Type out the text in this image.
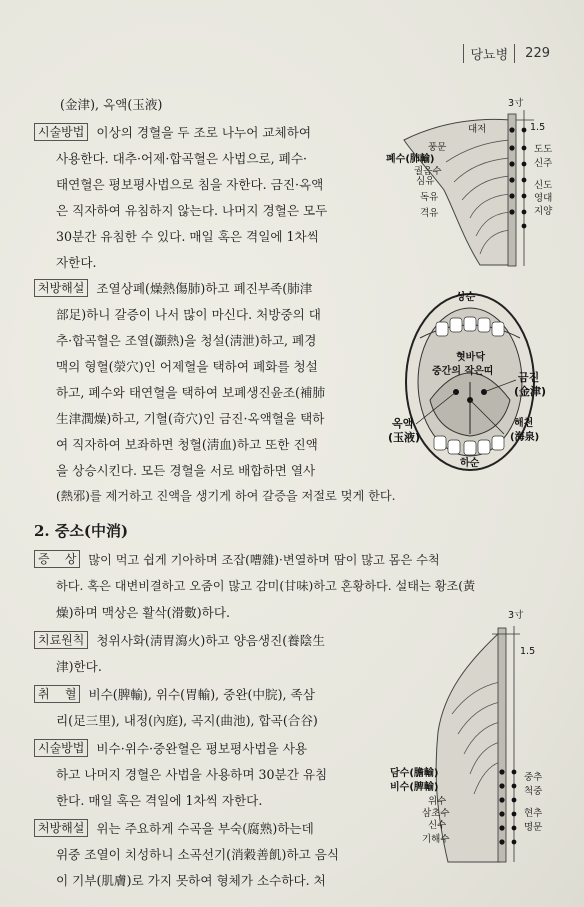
당뇨병	229
(金津), 옥액(玉液)
시술방법 이상의 경혈을 두 조로 나누어 교체하여
사용한다. 대추·어제·합곡혈은 사법으로, 폐수·
태연혈은 평보평사법으로 침을 자한다. 금진·옥액
은 직자하여 유침하지 않는다. 나머지 경혈은 모두
30분간 유침한 수 있다. 매일 혹은 격일에 1차씩
자한다.
처방해설 조열상폐(燥熱傷肺)하고 폐진부족(肺津
部足)하니 갈증이 나서 많이 마신다. 처방중의 대
추·합곡혈은 조열(灝熱)을 청설(淸泄)하고, 폐경
맥의 형혈(滎穴)인 어제혈을 택하여 폐화를 청설
하고, 폐수와 태연혈을 택하여 보폐생진윤조(補肺
生津潤燥)하고, 기혈(奇穴)인 금진·옥액혈을 택하
여 직자하여 보좌하면 청혈(淸血)하고 또한 진액
을 상승시킨다. 모든 경혈을 서로 배합하면 열사
(熱邪)를 제거하고 진액을 생기게 하여 갈증을 저절로 멎게 한다.
2. 중소(中消)
증    상 많이 먹고 쉽게 기아하며 조잡(嘈雜)·변열하며 땀이 많고 몸은 수척
하다. 혹은 대변비결하고 오줌이 많고 감미(甘味)하고 혼황하다. 설태는 황조(黃
燥)하며 맥상은 활삭(滑數)하다.
치료원칙 청위사화(淸胃瀉火)하고 양음생진(養陰生
津)한다.
취    혈 비수(脾輸), 위수(胃輸), 중완(中脘), 족삼
리(足三里), 내정(內庭), 곡지(曲池), 합곡(合谷)
시술방법 비수·위수·중완혈은 평보평사법을 사용
하고 나머지 경혈은 사법을 사용하며 30분간 유침
한다. 매일 혹은 격일에 1차씩 자한다.
처방해설 위는 주요하게 수곡을 부숙(腐熟)하는데
위중 조열이 치성하니 소곡선기(消穀善飢)하고 음식
이 기부(肌膚)로 가지 못하여 형체가 소수하다. 처
3寸
1.5
대저
풍문
폐수(肺輸)
궐음수
심유
독유
격유
도도
신주
신도
영대
지양
상순
혓바닥
중간의 작은띠 금진
(金津)
옥액
(玉液)
하순
해천
(海泉)
3寸
1.5
담수(膽輸)
비수(脾輸)
위수
삼초수
신수
기해수
중추
척중
현추
명문
